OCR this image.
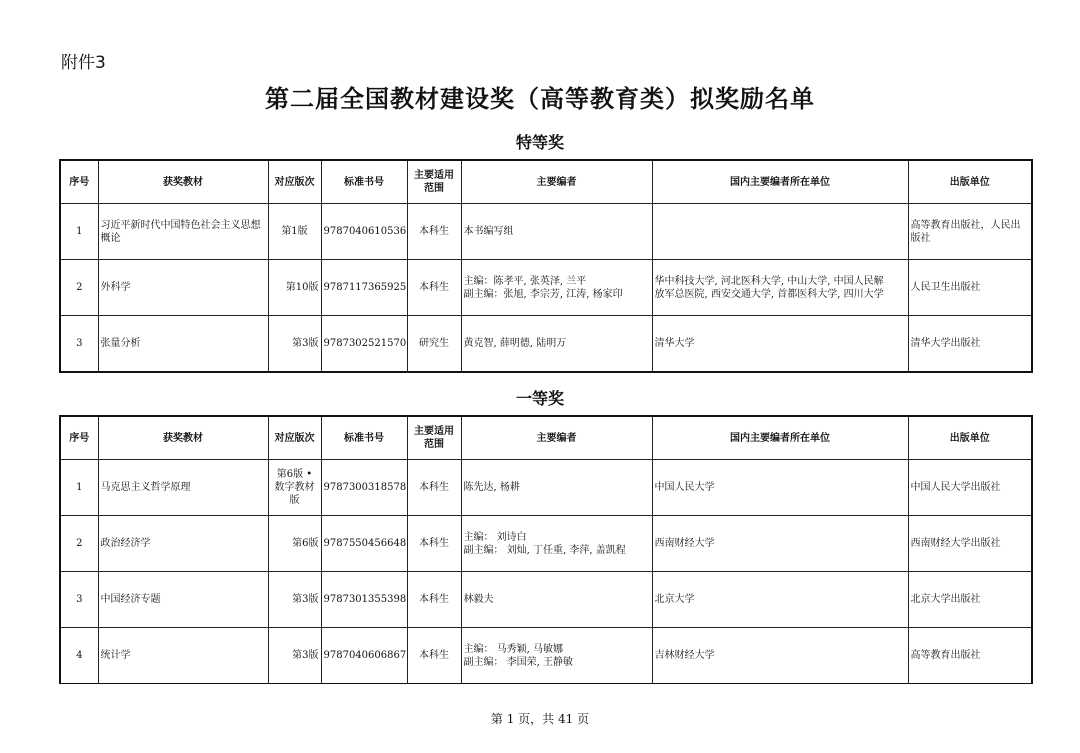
附件3
第二届全国教材建设奖（高等教育类）拟奖励名单
特等奖
序号	获奖教材	对应版次	标准书号	主要适用范围	主要编者	国内主要编者所在单位	出版单位
1	习近平新时代中国特色社会主义思想概论	第1版	9787040610536	本科生	本书编写组		高等教育出版社，人民出版社
2	外科学	第10版	9787117365925	本科生	主编：陈孝平, 张英泽, 兰平
副主编：张旭, 李宗芳, 江涛, 杨家印	华中科技大学, 河北医科大学, 中山大学, 中国人民解
放军总医院, 西安交通大学, 首都医科大学, 四川大学	人民卫生出版社
3	张量分析	第3版	9787302521570	研究生	黄克智, 薛明德, 陆明万	清华大学	清华大学出版社
一等奖
序号	获奖教材	对应版次	标准书号	主要适用范围	主要编者	国内主要编者所在单位	出版单位
1	马克思主义哲学原理	第6版 • 数字教材版	9787300318578	本科生	陈先达, 杨耕	中国人民大学	中国人民大学出版社
2	政治经济学	第6版	9787550456648	本科生	主编： 刘诗白
副主编： 刘灿, 丁任重, 李萍, 盖凯程	西南财经大学	西南财经大学出版社
3	中国经济专题	第3版	9787301355398	本科生	林毅夫	北京大学	北京大学出版社
4	统计学	第3版	9787040606867	本科生	主编： 马秀颖, 马敏娜
副主编： 李国荣, 王静敏	吉林财经大学	高等教育出版社
第 1 页，共 41 页
